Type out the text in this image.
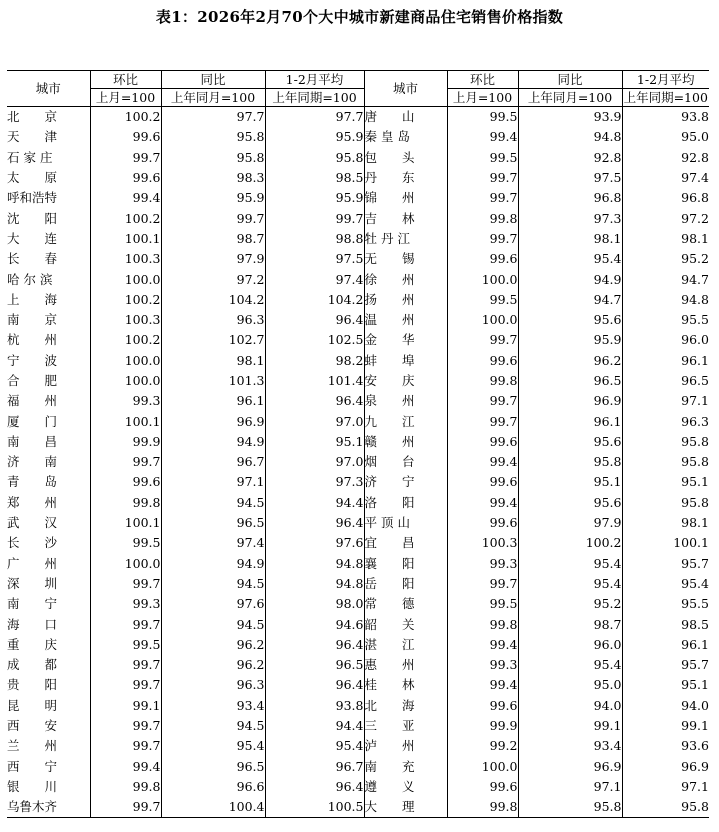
表1：2026年2月70个大中城市新建商品住宅销售价格指数
城市	环比	同比	1-2月平均	城市	环比	同比	1-2月平均
	上月=100	上年同月=100	上年同期=100		上月=100	上年同月=100	上年同期=100
北　　京	100.2	97.7	97.7	唐　　山	99.5	93.9	93.8
天　　津	99.6	95.8	95.9	秦 皇 岛	99.4	94.8	95.0
石 家 庄	99.7	95.8	95.8	包　　头	99.5	92.8	92.8
太　　原	99.6	98.3	98.5	丹　　东	99.7	97.5	97.4
呼和浩特	99.4	95.9	95.9	锦　　州	99.7	96.8	96.8
沈　　阳	100.2	99.7	99.7	吉　　林	99.8	97.3	97.2
大　　连	100.1	98.7	98.8	牡 丹 江	99.7	98.1	98.1
长　　春	100.3	97.9	97.5	无　　锡	99.6	95.4	95.2
哈 尔 滨	100.0	97.2	97.4	徐　　州	100.0	94.9	94.7
上　　海	100.2	104.2	104.2	扬　　州	99.5	94.7	94.8
南　　京	100.3	96.3	96.4	温　　州	100.0	95.6	95.5
杭　　州	100.2	102.7	102.5	金　　华	99.7	95.9	96.0
宁　　波	100.0	98.1	98.2	蚌　　埠	99.6	96.2	96.1
合　　肥	100.0	101.3	101.4	安　　庆	99.8	96.5	96.5
福　　州	99.3	96.1	96.4	泉　　州	99.7	96.9	97.1
厦　　门	100.1	96.9	97.0	九　　江	99.7	96.1	96.3
南　　昌	99.9	94.9	95.1	赣　　州	99.6	95.6	95.8
济　　南	99.7	96.7	97.0	烟　　台	99.4	95.8	95.8
青　　岛	99.6	97.1	97.3	济　　宁	99.6	95.1	95.1
郑　　州	99.8	94.5	94.4	洛　　阳	99.4	95.6	95.8
武　　汉	100.1	96.5	96.4	平 顶 山	99.6	97.9	98.1
长　　沙	99.5	97.4	97.6	宜　　昌	100.3	100.2	100.1
广　　州	100.0	94.9	94.8	襄　　阳	99.3	95.4	95.7
深　　圳	99.7	94.5	94.8	岳　　阳	99.7	95.4	95.4
南　　宁	99.3	97.6	98.0	常　　德	99.5	95.2	95.5
海　　口	99.7	94.5	94.6	韶　　关	99.8	98.7	98.5
重　　庆	99.5	96.2	96.4	湛　　江	99.4	96.0	96.1
成　　都	99.7	96.2	96.5	惠　　州	99.3	95.4	95.7
贵　　阳	99.7	96.3	96.4	桂　　林	99.4	95.0	95.1
昆　　明	99.1	93.4	93.8	北　　海	99.6	94.0	94.0
西　　安	99.7	94.5	94.4	三　　亚	99.9	99.1	99.1
兰　　州	99.7	95.4	95.4	泸　　州	99.2	93.4	93.6
西　　宁	99.4	96.5	96.7	南　　充	100.0	96.9	96.9
银　　川	99.8	96.6	96.4	遵　　义	99.6	97.1	97.1
乌鲁木齐	99.7	100.4	100.5	大　　理	99.8	95.8	95.8
